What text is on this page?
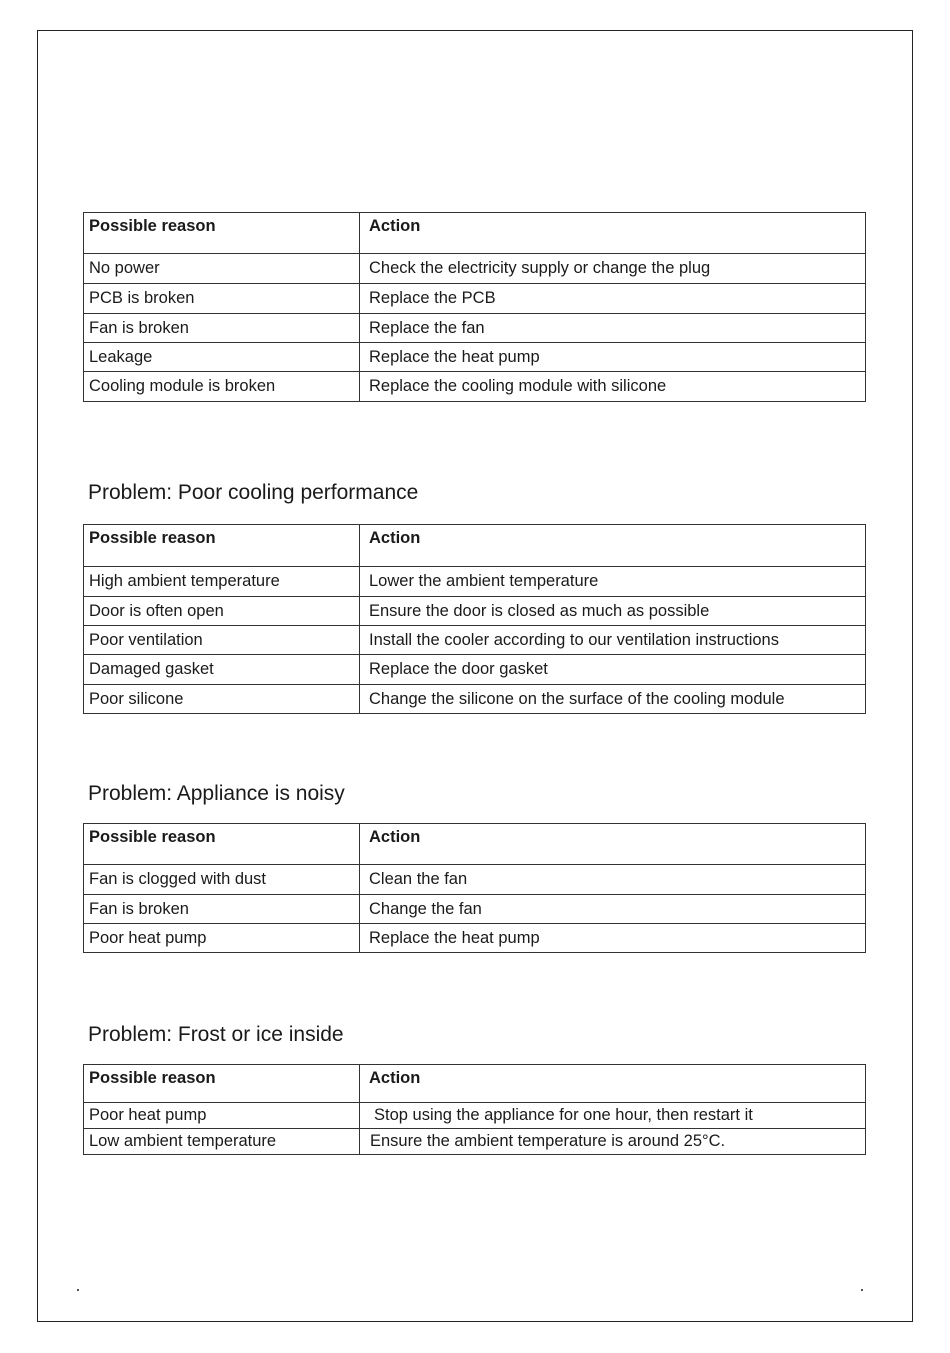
Possible reason	Action
No power	Check the electricity supply or change the plug
PCB is broken	Replace the PCB
Fan is broken	Replace the fan
Leakage	Replace the heat pump
Cooling module is broken	Replace the cooling module with silicone
Problem: Poor cooling performance
Possible reason	Action
High ambient temperature	Lower the ambient temperature
Door is often open	Ensure the door is closed as much as possible
Poor ventilation	Install the cooler according to our ventilation instructions
Damaged gasket	Replace the door gasket
Poor silicone	Change the silicone on the surface of the cooling module
Problem: Appliance is noisy
Possible reason	Action
Fan is clogged with dust	Clean the fan
Fan is broken	Change the fan
Poor heat pump	Replace the heat pump
Problem: Frost or ice inside
Possible reason	Action
Poor heat pump	Stop using the appliance for one hour, then restart it
Low ambient temperature	Ensure the ambient temperature is around 25°C.
